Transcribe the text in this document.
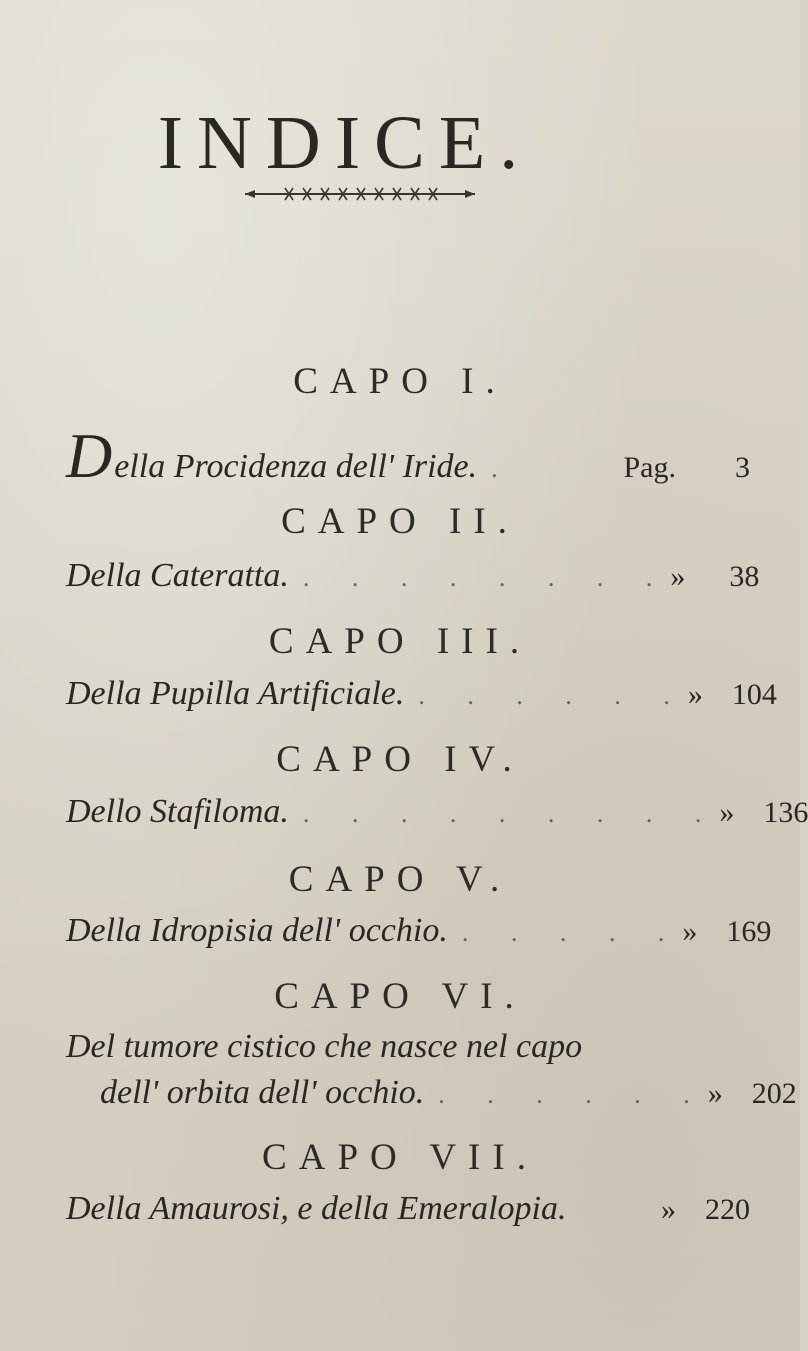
INDICE.
CAPO I.
Della Procidenza dell' Iride. .	Pag. 3
CAPO II.
Della Cateratta. . . . . . . . . » 38
CAPO III.
Della Pupilla Artificiale. . . . . . . » 104
CAPO IV.
Dello Stafiloma. . . . . . . . . . » 136
CAPO V.
Della Idropisia dell' occhio. . . . . . » 169
CAPO VI.
Del tumore cistico che nasce nel capo
dell' orbita dell' occhio. . . . . . . » 202
CAPO VII.
Della Amaurosi, e della Emeralopia.	» 220
